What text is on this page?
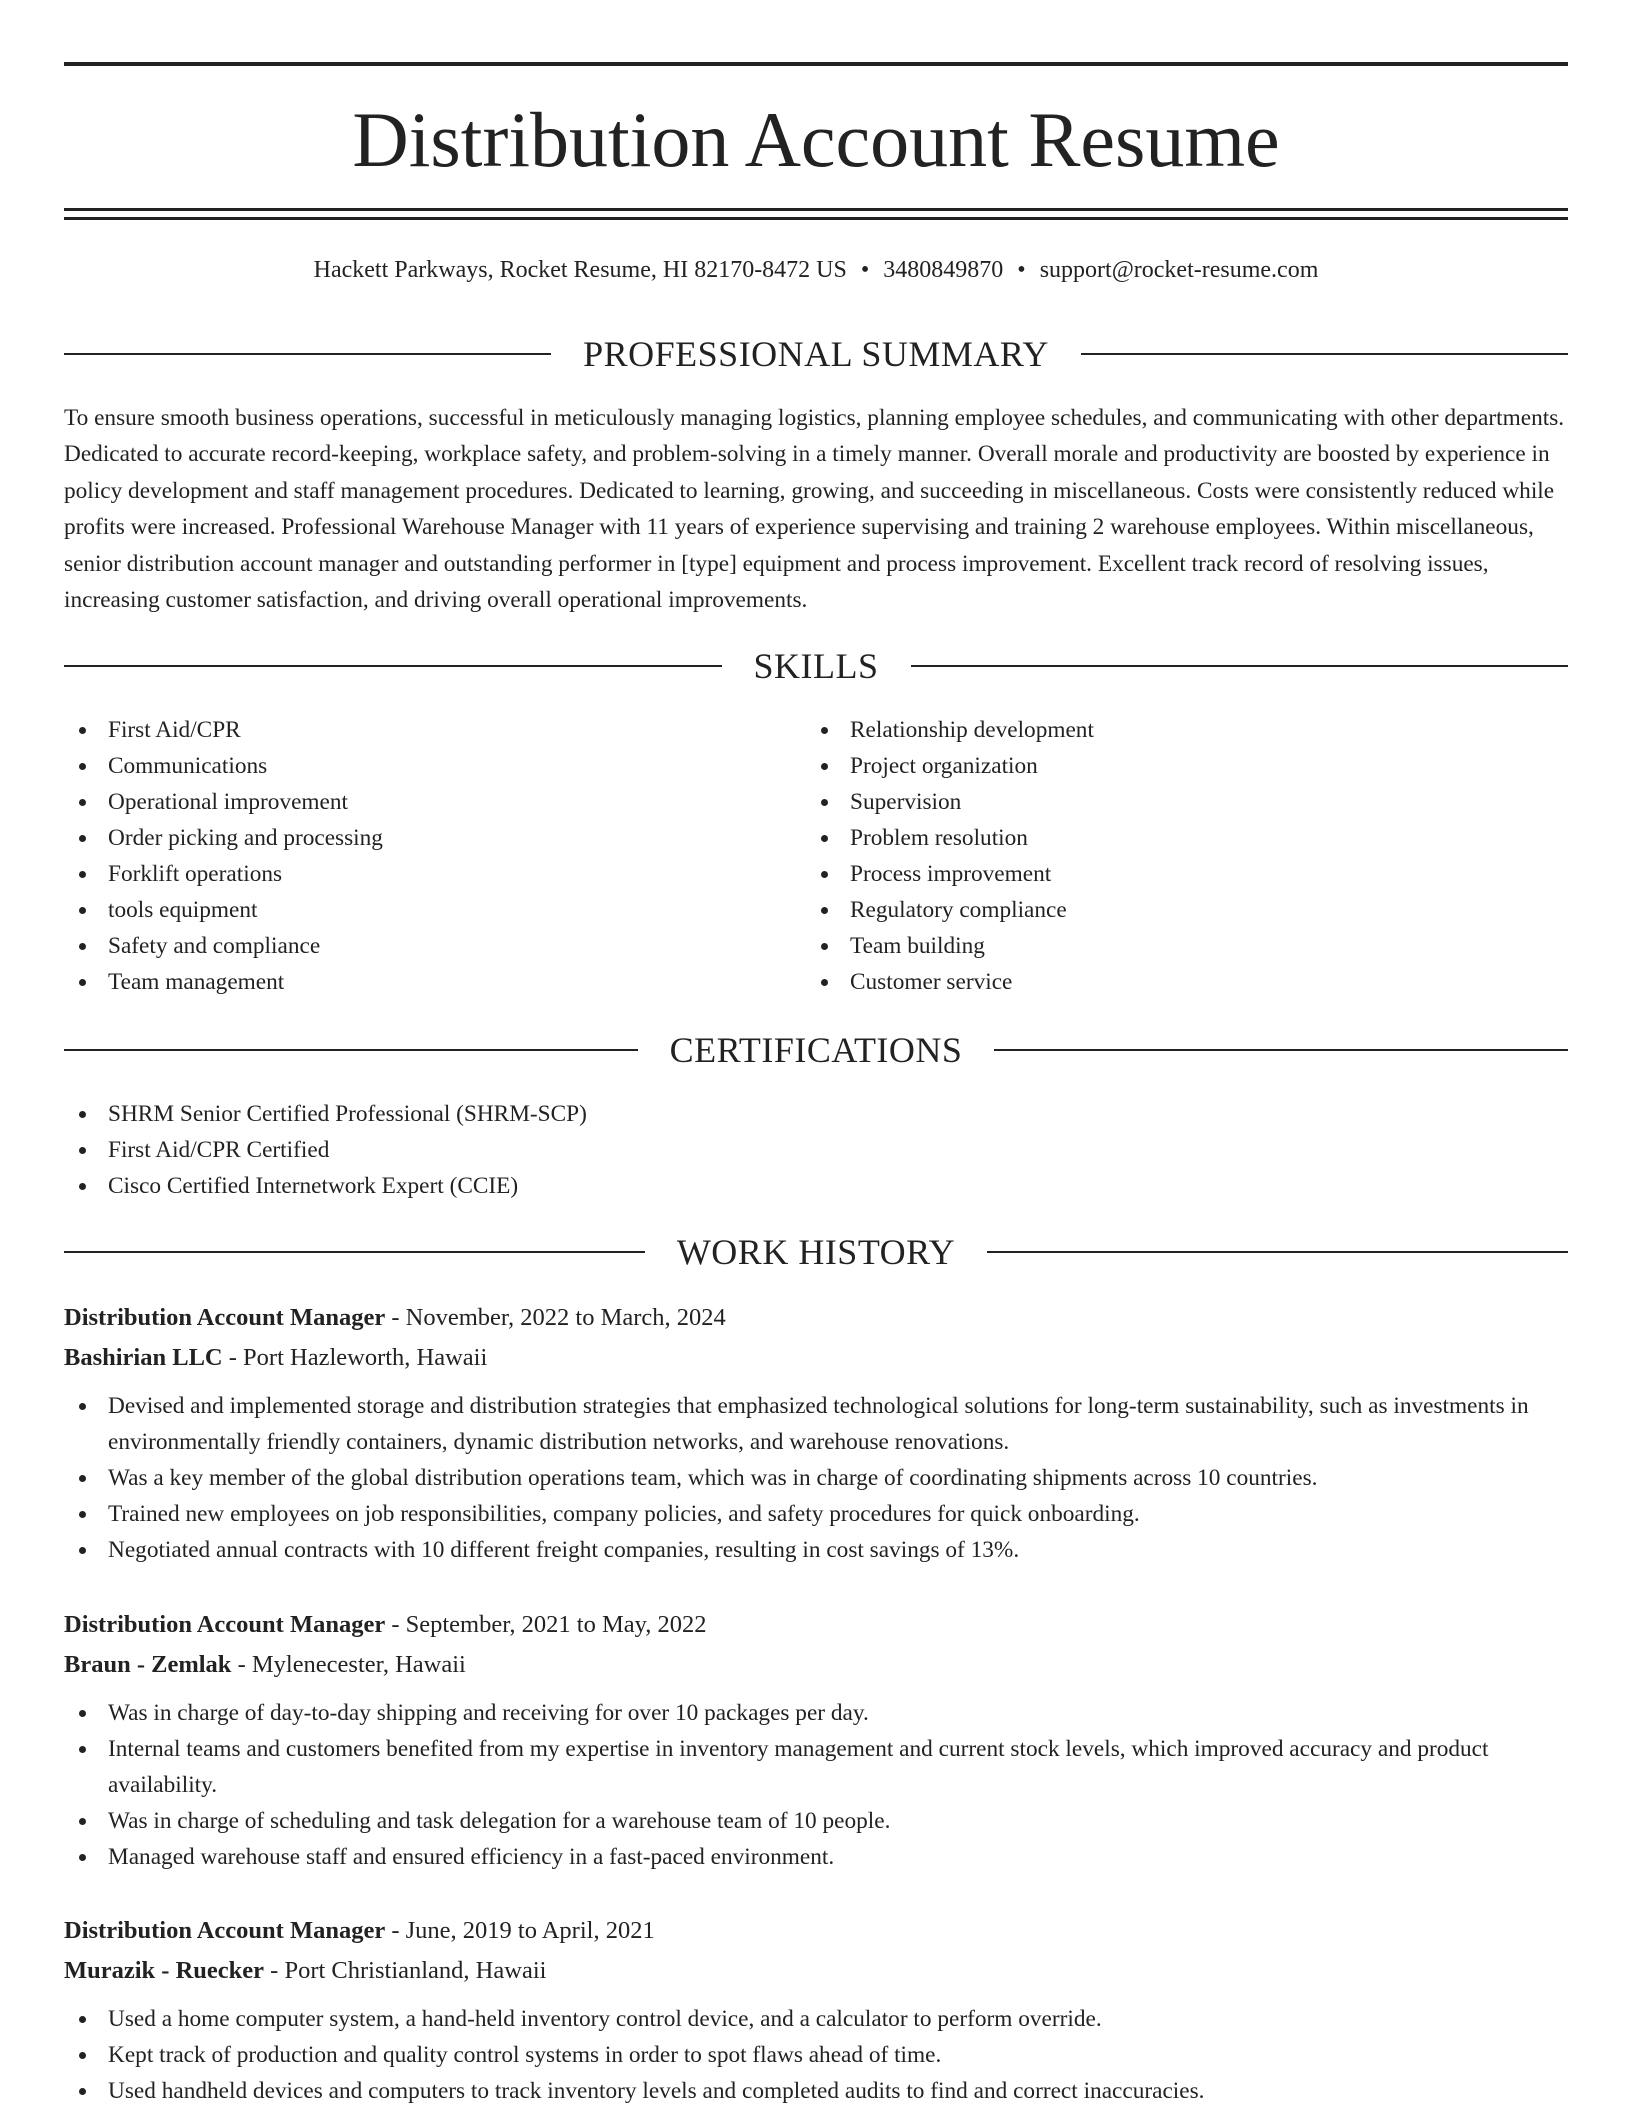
Distribution Account Resume
Hackett Parkways, Rocket Resume, HI 82170-8472 US • 3480849870 • support@rocket-resume.com
PROFESSIONAL SUMMARY

To ensure smooth business operations, successful in meticulously managing logistics, planning employee schedules, and communicating with other departments. Dedicated to accurate record-keeping, workplace safety, and problem-solving in a timely manner. Overall morale and productivity are boosted by experience in policy development and staff management procedures. Dedicated to learning, growing, and succeeding in miscellaneous. Costs were consistently reduced while profits were increased. Professional Warehouse Manager with 11 years of experience supervising and training 2 warehouse employees. Within miscellaneous, senior distribution account manager and outstanding performer in [type] equipment and process improvement. Excellent track record of resolving issues, increasing customer satisfaction, and driving overall operational improvements.

SKILLS
First Aid/CPR
Communications
Operational improvement
Order picking and processing
Forklift operations
tools equipment
Safety and compliance
Team management
Relationship development
Project organization
Supervision
Problem resolution
Process improvement
Regulatory compliance
Team building
Customer service
CERTIFICATIONS
SHRM Senior Certified Professional (SHRM-SCP)
First Aid/CPR Certified
Cisco Certified Internetwork Expert (CCIE)
WORK HISTORY
Distribution Account Manager - November, 2022 to March, 2024
Bashirian LLC - Port Hazleworth, Hawaii
Devised and implemented storage and distribution strategies that emphasized technological solutions for long-term sustainability, such as investments in environmentally friendly containers, dynamic distribution networks, and warehouse renovations.
Was a key member of the global distribution operations team, which was in charge of coordinating shipments across 10 countries.
Trained new employees on job responsibilities, company policies, and safety procedures for quick onboarding.
Negotiated annual contracts with 10 different freight companies, resulting in cost savings of 13%.
Distribution Account Manager - September, 2021 to May, 2022
Braun - Zemlak - Mylenecester, Hawaii
Was in charge of day-to-day shipping and receiving for over 10 packages per day.
Internal teams and customers benefited from my expertise in inventory management and current stock levels, which improved accuracy and product availability.
Was in charge of scheduling and task delegation for a warehouse team of 10 people.
Managed warehouse staff and ensured efficiency in a fast-paced environment.
Distribution Account Manager - June, 2019 to April, 2021
Murazik - Ruecker - Port Christianland, Hawaii
Used a home computer system, a hand-held inventory control device, and a calculator to perform override.
Kept track of production and quality control systems in order to spot flaws ahead of time.
Used handheld devices and computers to track inventory levels and completed audits to find and correct inaccuracies.
